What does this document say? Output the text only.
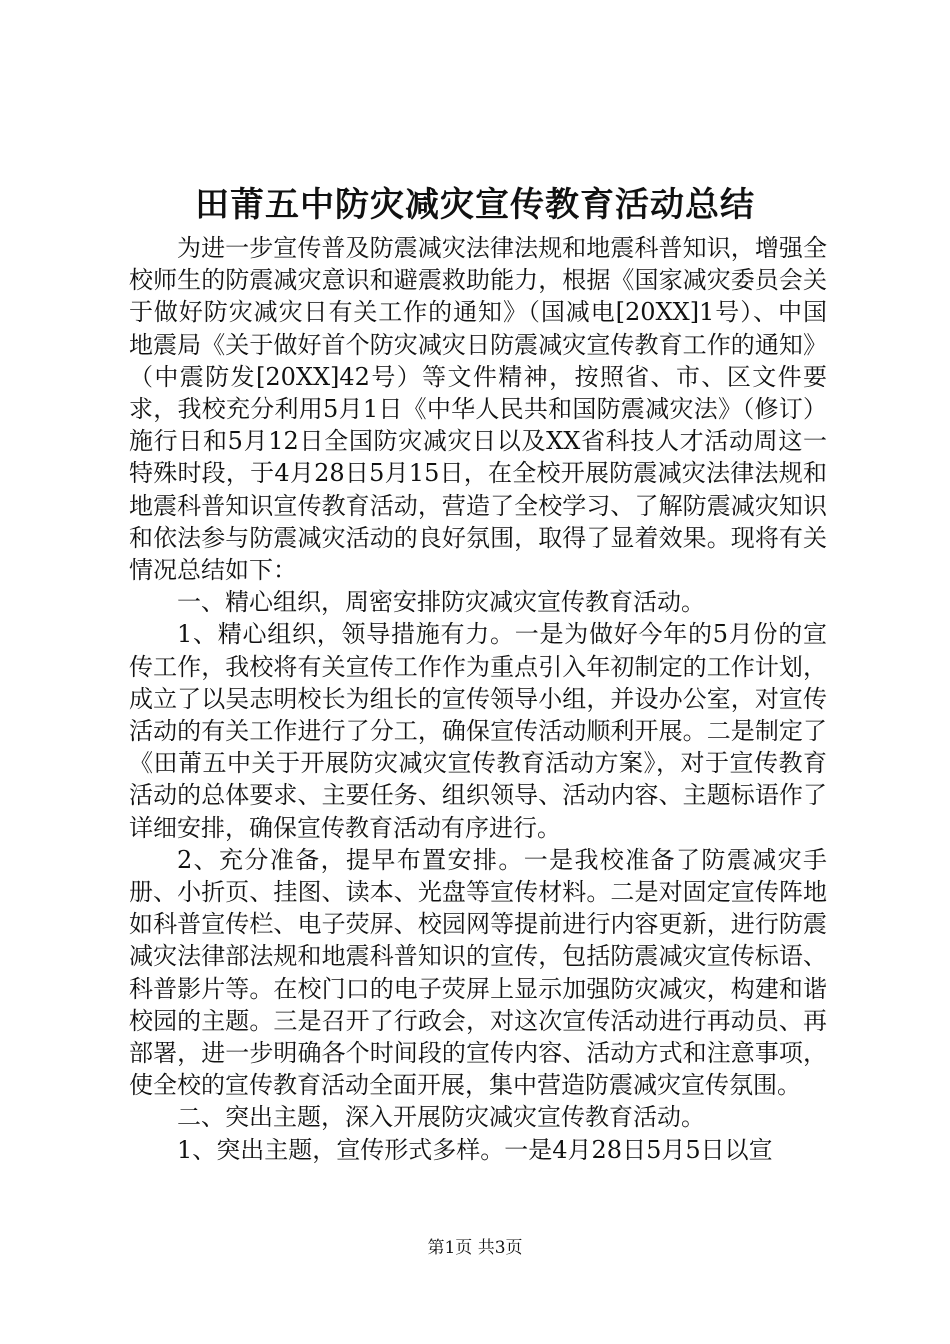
田莆五中防灾减灾宣传教育活动总结

为进一步宣传普及防震减灾法律法规和地震科普知识，增强全校师生的防震减灾意识和避震救助能力，根据《国家减灾委员会关于做好防灾减灾日有关工作的通知》（国减电[20XX]1号）、中国地震局《关于做好首个防灾减灾日防震减灾宣传教育工作的通知》（中震防发[20XX]42号）等文件精神，按照省、市、区文件要求，我校充分利用5月1日《中华人民共和国防震减灾法》（修订）施行日和5月12日全国防灾减灾日以及XX省科技人才活动周这一特殊时段，于4月28日5月15日，在全校开展防震减灾法律法规和地震科普知识宣传教育活动，营造了全校学习、了解防震减灾知识和依法参与防震减灾活动的良好氛围，取得了显着效果。现将有关情况总结如下：

一、精心组织，周密安排防灾减灾宣传教育活动。

1、精心组织，领导措施有力。一是为做好今年的5月份的宣传工作，我校将有关宣传工作作为重点引入年初制定的工作计划，成立了以吴志明校长为组长的宣传领导小组，并设办公室，对宣传活动的有关工作进行了分工，确保宣传活动顺利开展。二是制定了《田莆五中关于开展防灾减灾宣传教育活动方案》，对于宣传教育活动的总体要求、主要任务、组织领导、活动内容、主题标语作了详细安排，确保宣传教育活动有序进行。

2、充分准备，提早布置安排。一是我校准备了防震减灾手册、小折页、挂图、读本、光盘等宣传材料。二是对固定宣传阵地如科普宣传栏、电子荧屏、校园网等提前进行内容更新，进行防震减灾法律部法规和地震科普知识的宣传，包括防震减灾宣传标语、科普影片等。在校门口的电子荧屏上显示加强防灾减灾，构建和谐校园的主题。三是召开了行政会，对这次宣传活动进行再动员、再部署，进一步明确各个时间段的宣传内容、活动方式和注意事项，使全校的宣传教育活动全面开展，集中营造防震减灾宣传氛围。

二、突出主题，深入开展防灾减灾宣传教育活动。

1、突出主题，宣传形式多样。一是4月28日5月5日以宣

第1页 共3页
